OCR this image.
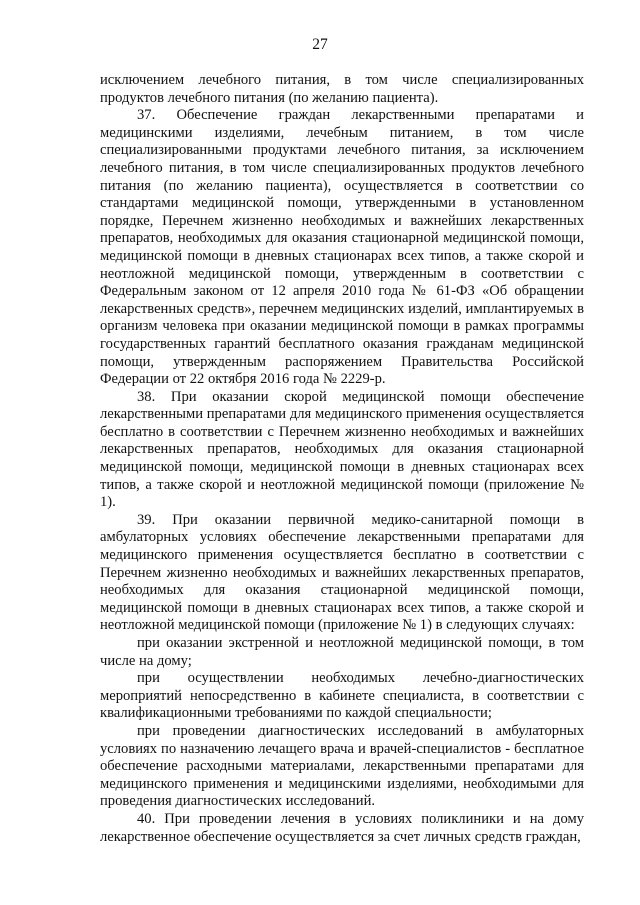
27

исключением лечебного питания, в том числе специализированных продуктов лечебного питания (по желанию пациента).

37. Обеспечение граждан лекарственными препаратами и медицинскими изделиями, лечебным питанием, в том числе специализированными продуктами лечебного питания, за исключением лечебного питания, в том числе специализированных продуктов лечебного питания (по желанию пациента), осуществляется в соответствии со стандартами медицинской помощи, утвержденными в установленном порядке, Перечнем жизненно необходимых и важнейших лекарственных препаратов, необходимых для оказания стационарной медицинской помощи, медицинской помощи в дневных стационарах всех типов, а также скорой и неотложной медицинской помощи, утвержденным в соответствии с Федеральным законом от 12 апреля 2010 года № 61-ФЗ «Об обращении лекарственных средств», перечнем медицинских изделий, имплантируемых в организм человека при оказании медицинской помощи в рамках программы государственных гарантий бесплатного оказания гражданам медицинской помощи, утвержденным распоряжением Правительства Российской Федерации от 22 октября 2016 года № 2229-р.

38. При оказании скорой медицинской помощи обеспечение лекарственными препаратами для медицинского применения осуществляется бесплатно в соответствии с Перечнем жизненно необходимых и важнейших лекарственных препаратов, необходимых для оказания стационарной медицинской помощи, медицинской помощи в дневных стационарах всех типов, а также скорой и неотложной медицинской помощи (приложение № 1).

39. При оказании первичной медико-санитарной помощи в амбулаторных условиях обеспечение лекарственными препаратами для медицинского применения осуществляется бесплатно в соответствии с Перечнем жизненно необходимых и важнейших лекарственных препаратов, необходимых для оказания стационарной медицинской помощи, медицинской помощи в дневных стационарах всех типов, а также скорой и неотложной медицинской помощи (приложение № 1) в следующих случаях:

при оказании экстренной и неотложной медицинской помощи, в том числе на дому;

при осуществлении необходимых лечебно-диагностических мероприятий непосредственно в кабинете специалиста, в соответствии с квалификационными требованиями по каждой специальности;

при проведении диагностических исследований в амбулаторных условиях по назначению лечащего врача и врачей-специалистов - бесплатное обеспечение расходными материалами, лекарственными препаратами для медицинского применения и медицинскими изделиями, необходимыми для проведения диагностических исследований.

40. При проведении лечения в условиях поликлиники и на дому лекарственное обеспечение осуществляется за счет личных средств граждан,
